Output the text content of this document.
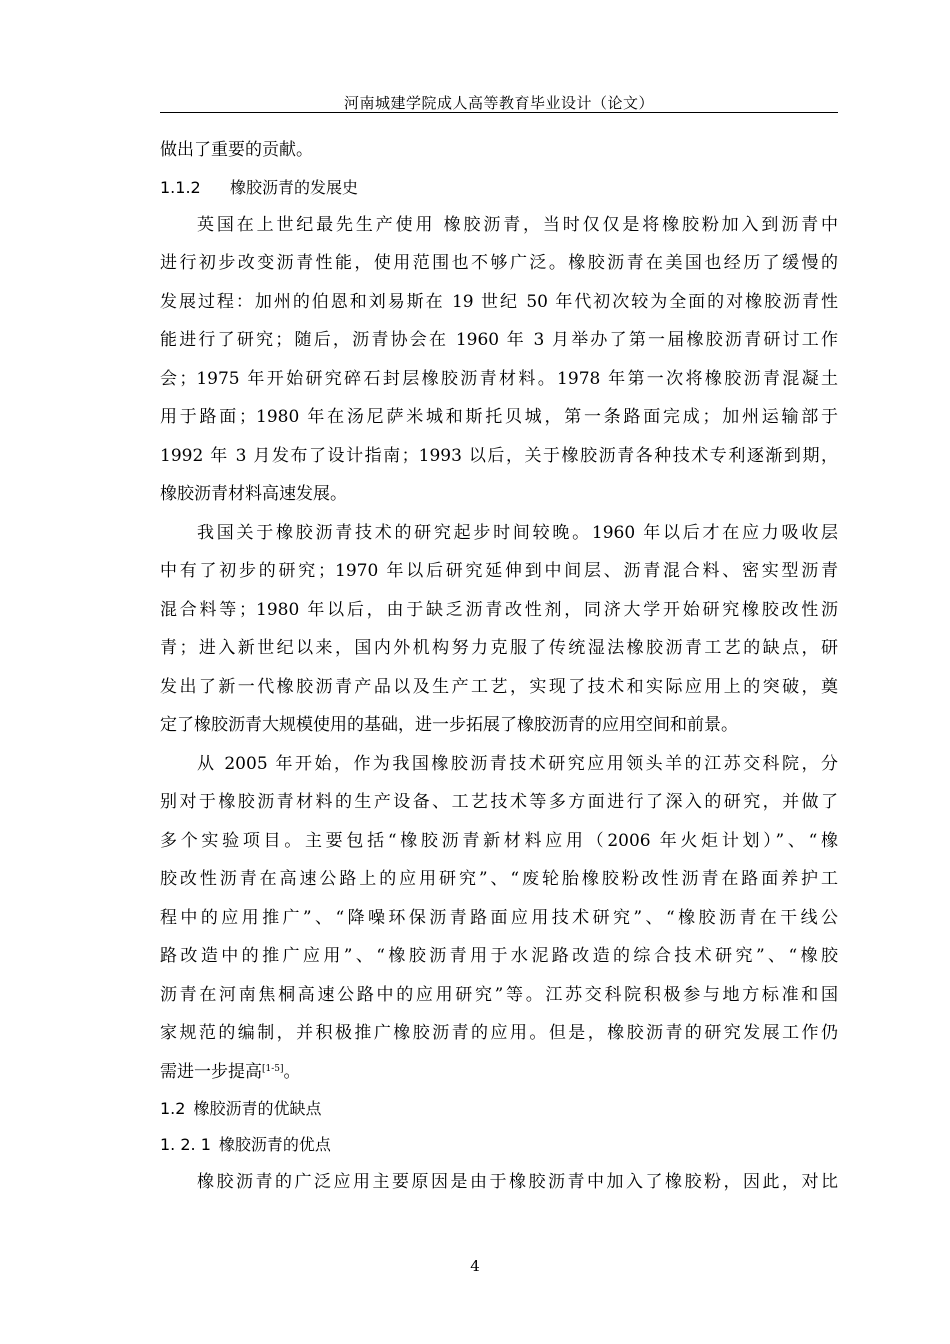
河南城建学院成人高等教育毕业设计（论文）
做出了重要的贡献。
1.1.2 橡胶沥青的发展史
英国在上世纪最先生产使用 橡胶沥青，当时仅仅是将橡胶粉加入到沥青中
进行初步改变沥青性能，使用范围也不够广泛。橡胶沥青在美国也经历了缓慢的
发展过程：加州的伯恩和刘易斯在 19 世纪 50 年代初次较为全面的对橡胶沥青性
能进行了研究；随后，沥青协会在 1960 年 3 月举办了第一届橡胶沥青研讨工作
会；1975 年开始研究碎石封层橡胶沥青材料。1978 年第一次将橡胶沥青混凝土
用于路面；1980 年在汤尼萨米城和斯托贝城，第一条路面完成；加州运输部于
1992 年 3 月发布了设计指南；1993 以后，关于橡胶沥青各种技术专利逐渐到期，
橡胶沥青材料高速发展。
我国关于橡胶沥青技术的研究起步时间较晚。1960 年以后才在应力吸收层
中有了初步的研究；1970 年以后研究延伸到中间层、沥青混合料、密实型沥青
混合料等；1980 年以后，由于缺乏沥青改性剂，同济大学开始研究橡胶改性沥
青；进入新世纪以来，国内外机构努力克服了传统湿法橡胶沥青工艺的缺点，研
发出了新一代橡胶沥青产品以及生产工艺，实现了技术和实际应用上的突破，奠
定了橡胶沥青大规模使用的基础，进一步拓展了橡胶沥青的应用空间和前景。
从 2005 年开始，作为我国橡胶沥青技术研究应用领头羊的江苏交科院，分
别对于橡胶沥青材料的生产设备、工艺技术等多方面进行了深入的研究，并做了
多个实验项目。主要包括“橡胶沥青新材料应用（2006 年火炬计划）”、“橡
胶改性沥青在高速公路上的应用研究”、“废轮胎橡胶粉改性沥青在路面养护工
程中的应用推广”、“降噪环保沥青路面应用技术研究”、“橡胶沥青在干线公
路改造中的推广应用”、“橡胶沥青用于水泥路改造的综合技术研究”、“橡胶
沥青在河南焦桐高速公路中的应用研究”等。江苏交科院积极参与地方标准和国
家规范的编制，并积极推广橡胶沥青的应用。但是，橡胶沥青的研究发展工作仍
需进一步提高[1-5]。
1.2 橡胶沥青的优缺点
1. 2. 1 橡胶沥青的优点
橡胶沥青的广泛应用主要原因是由于橡胶沥青中加入了橡胶粉，因此，对比
4
